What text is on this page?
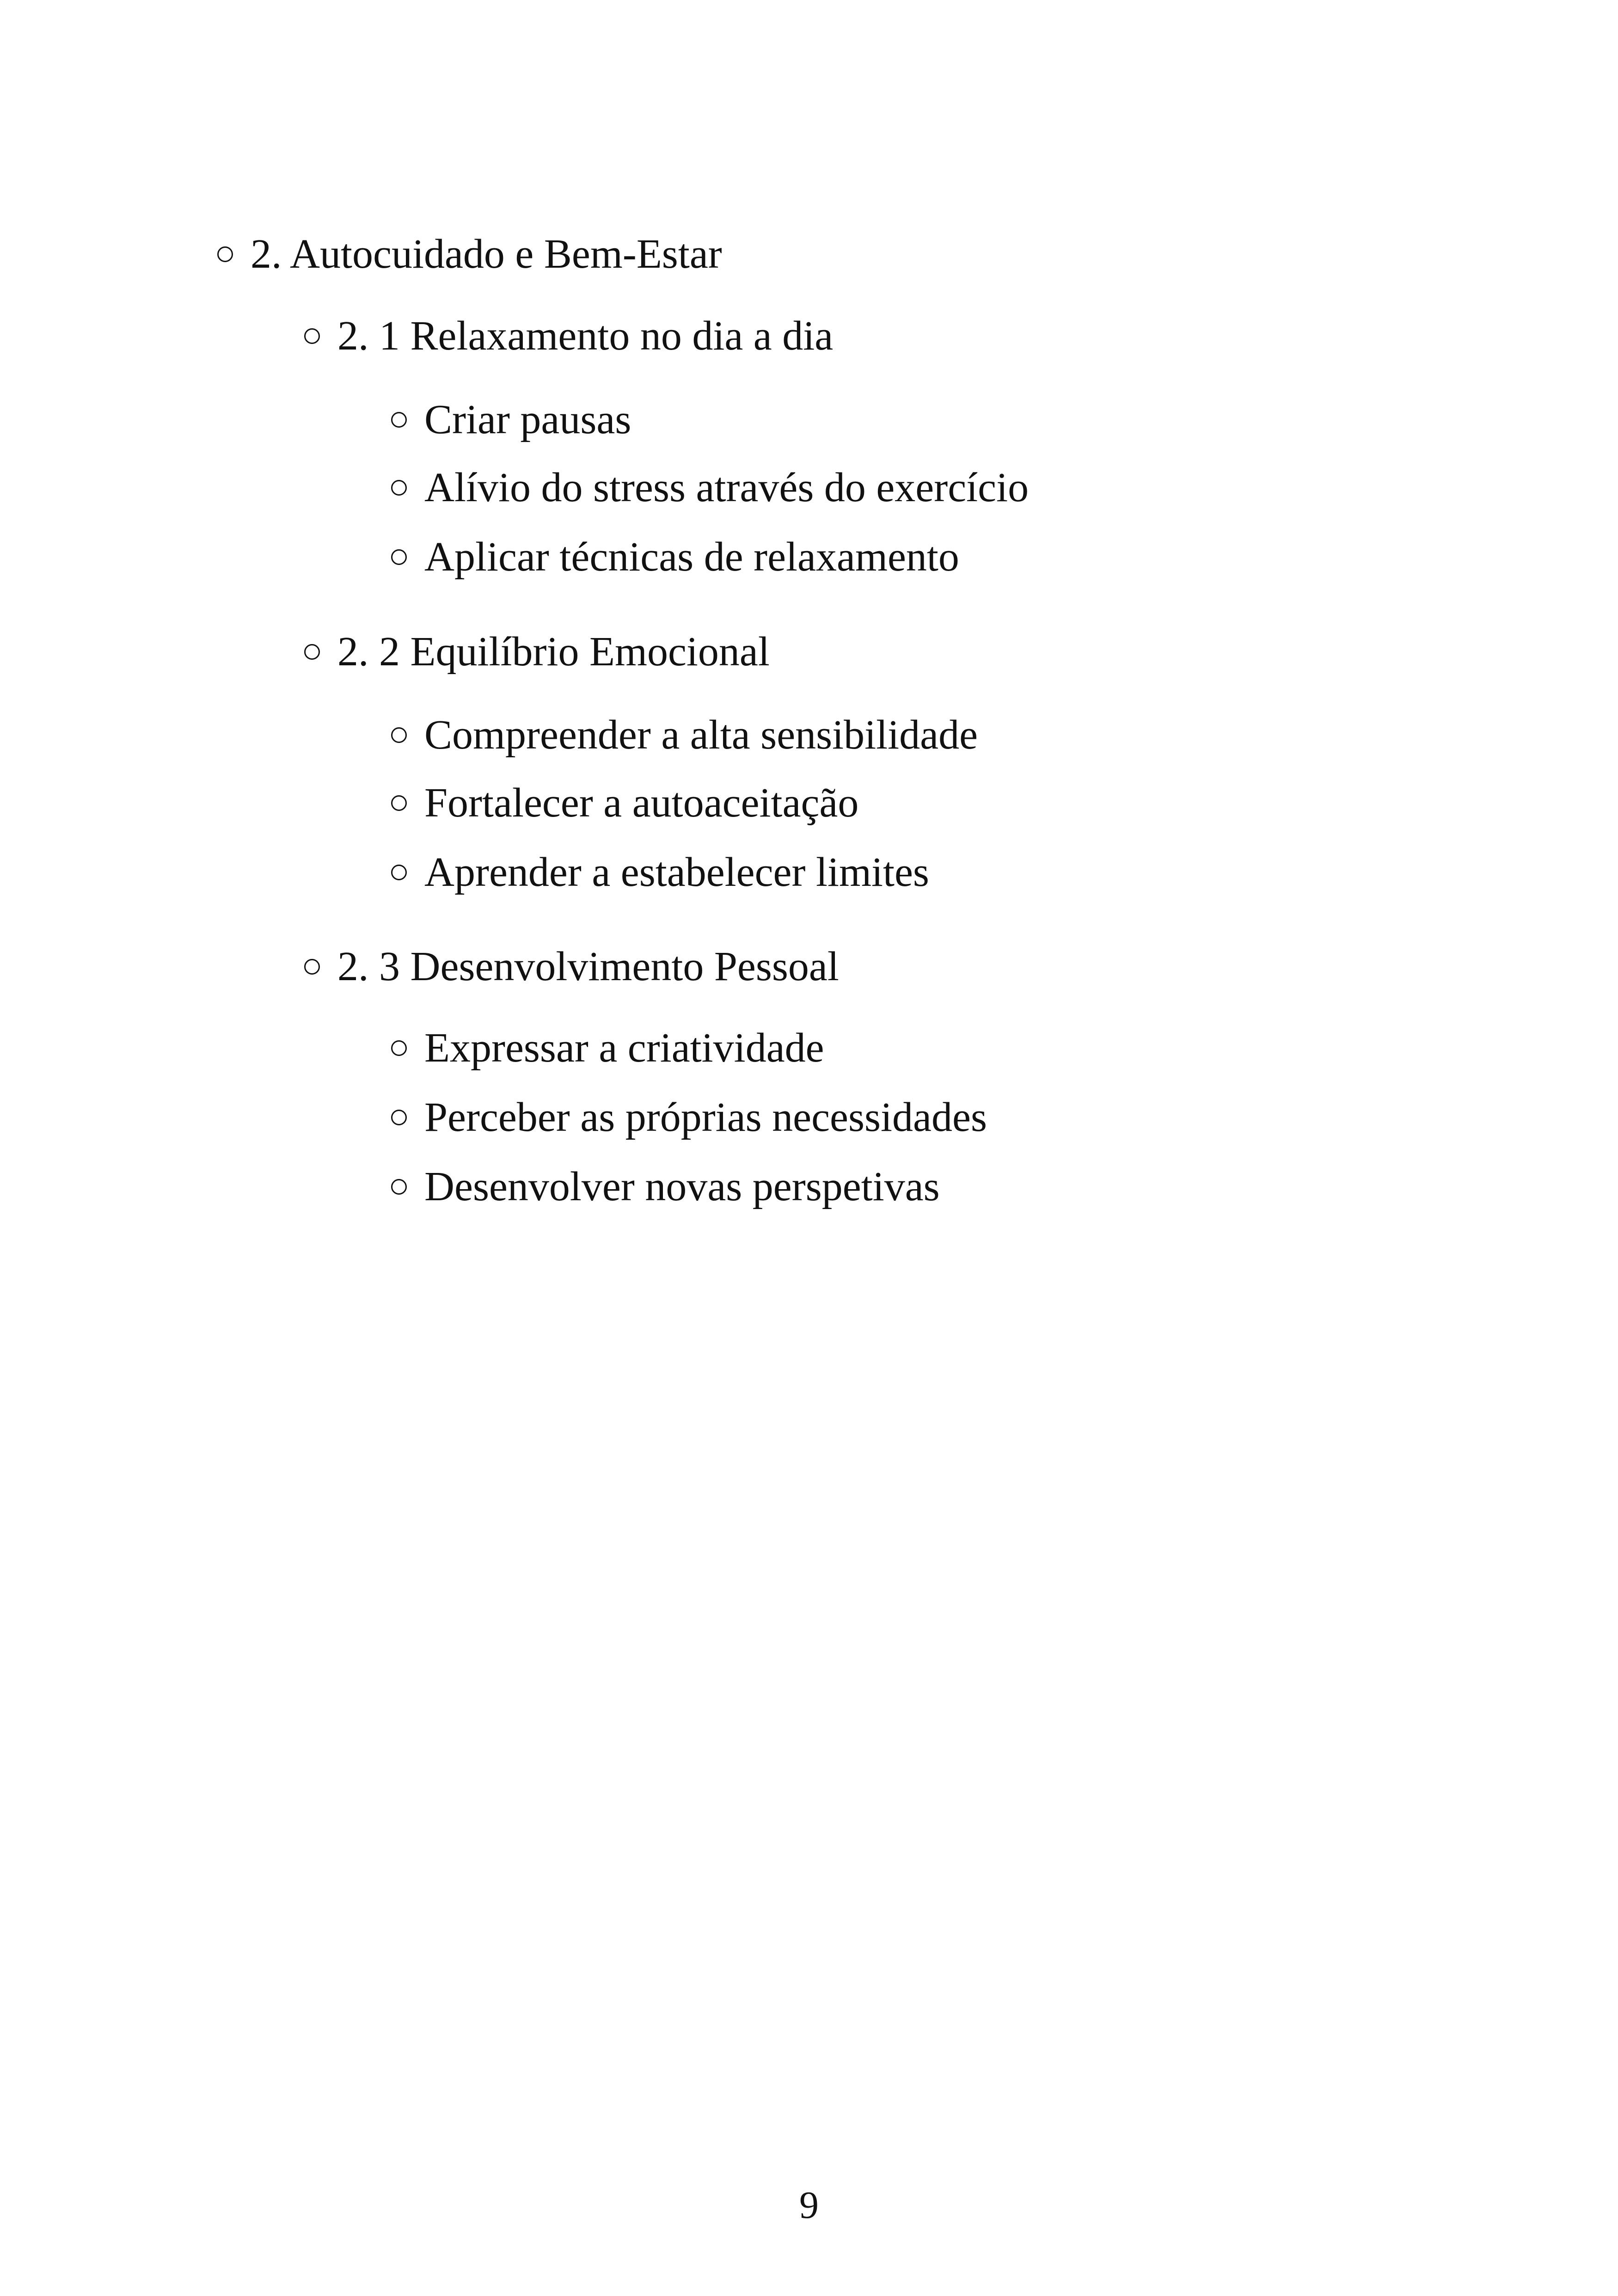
2. Autocuidado e Bem-Estar
2. 1 Relaxamento no dia a dia
Criar pausas
Alívio do stress através do exercício
Aplicar técnicas de relaxamento
2. 2 Equilíbrio Emocional
Compreender a alta sensibilidade
Fortalecer a autoaceitação
Aprender a estabelecer limites
2. 3 Desenvolvimento Pessoal
Expressar a criatividade
Perceber as próprias necessidades
Desenvolver novas perspetivas
9
